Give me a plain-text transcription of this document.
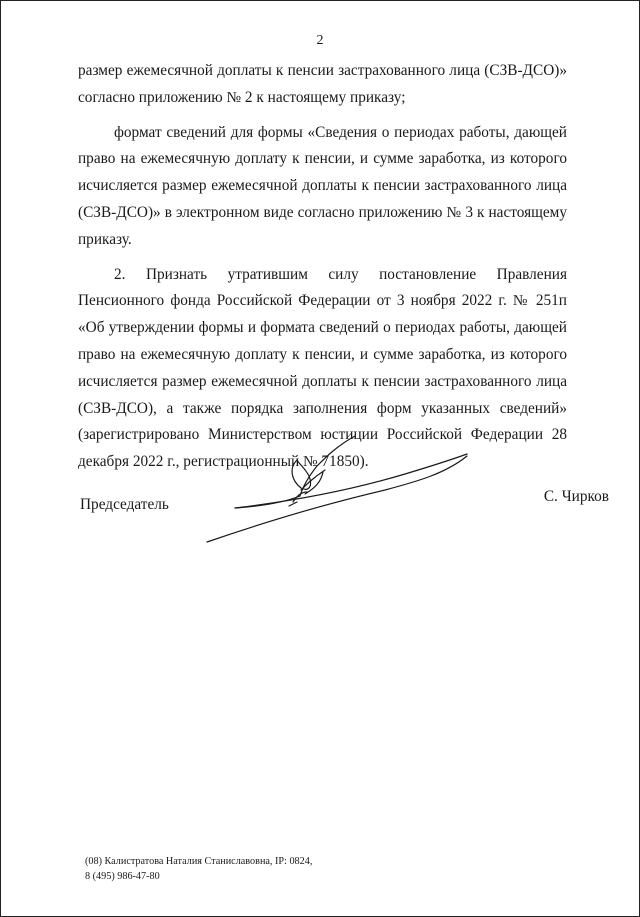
2

размер ежемесячной доплаты к пенсии застрахованного лица (СЗВ-ДСО)» согласно приложению № 2 к настоящему приказу;

формат сведений для формы «Сведения о периодах работы, дающей право на ежемесячную доплату к пенсии, и сумме заработка, из которого исчисляется размер ежемесячной доплаты к пенсии застрахованного лица (СЗВ-ДСО)» в электронном виде согласно приложению № 3 к настоящему приказу.

2. Признать утратившим силу постановление Правления Пенсионного фонда Российской Федерации от 3 ноября 2022 г. № 251п «Об утверждении формы и формата сведений о периодах работы, дающей право на ежемесячную доплату к пенсии, и сумме заработка, из которого исчисляется размер ежемесячной доплаты к пенсии застрахованного лица (СЗВ-ДСО), а также порядка заполнения форм указанных сведений» (зарегистрировано Министерством юстиции Российской Федерации 28 декабря 2022 г., регистрационный № 71850).

Председатель	С. Чирков
(08) Калистратова Наталия Станиславовна, IP: 0824,
8 (495) 986-47-80
